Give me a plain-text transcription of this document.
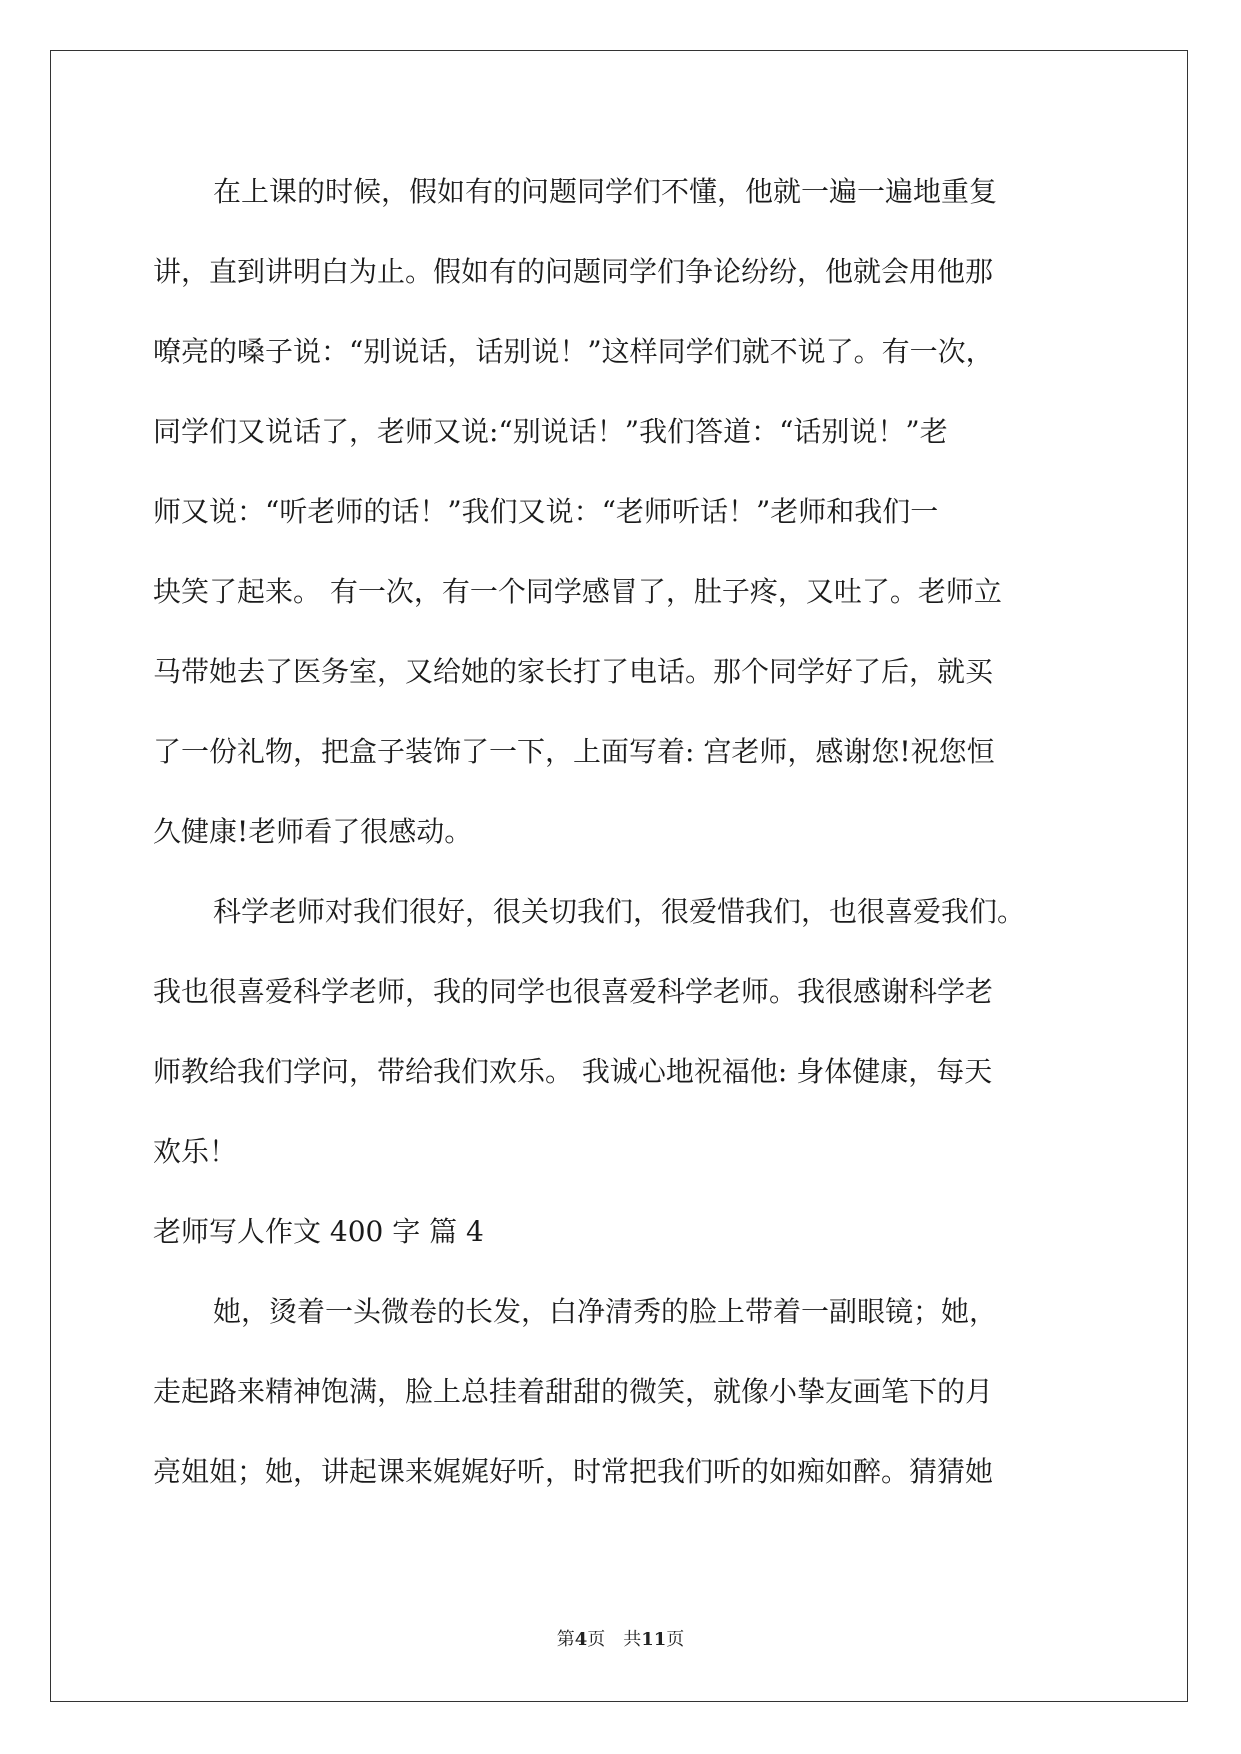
在上课的时候，假如有的问题同学们不懂，他就一遍一遍地重复
讲，直到讲明白为止。假如有的问题同学们争论纷纷，他就会用他那
嘹亮的嗓子说：“别说话，话别说！”这样同学们就不说了。有一次，
同学们又说话了，老师又说:“别说话！”我们答道：“话别说！”老
师又说：“听老师的话！”我们又说：“老师听话！”老师和我们一
块笑了起来。 有一次，有一个同学感冒了，肚子疼，又吐了。老师立
马带她去了医务室，又给她的家长打了电话。那个同学好了后，就买
了一份礼物，把盒子装饰了一下，上面写着: 宫老师，感谢您!祝您恒
久健康!老师看了很感动。
科学老师对我们很好，很关切我们，很爱惜我们，也很喜爱我们。
我也很喜爱科学老师，我的同学也很喜爱科学老师。我很感谢科学老
师教给我们学问，带给我们欢乐。 我诚心地祝福他: 身体健康，每天
欢乐！
老师写人作文 400 字 篇 4
她，烫着一头微卷的长发，白净清秀的脸上带着一副眼镜；她，
走起路来精神饱满，脸上总挂着甜甜的微笑，就像小挚友画笔下的月
亮姐姐；她，讲起课来娓娓好听，时常把我们听的如痴如醉。猜猜她
第4页　共11页
